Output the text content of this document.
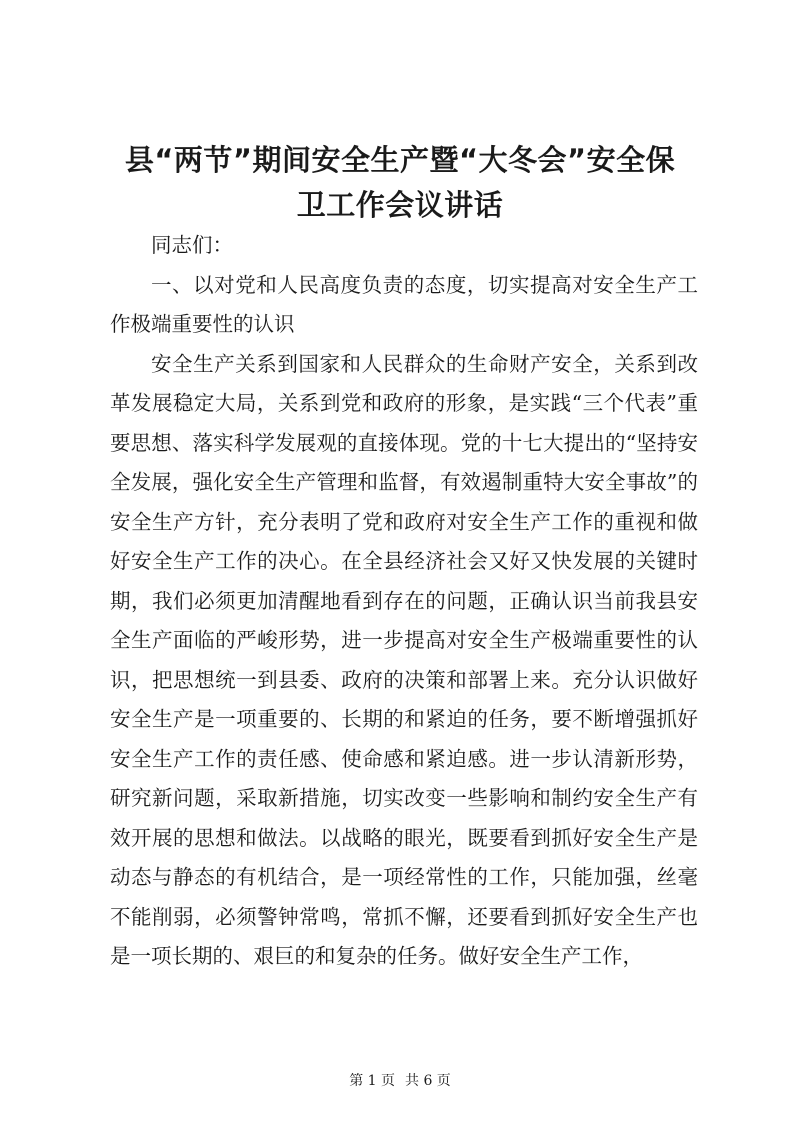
县“两节”期间安全生产暨“大冬会”安全保
卫工作会议讲话

同志们：

一、以对党和人民高度负责的态度，切实提高对安全生产工作极端重要性的认识

安全生产关系到国家和人民群众的生命财产安全，关系到改革发展稳定大局，关系到党和政府的形象，是实践“三个代表”重要思想、落实科学发展观的直接体现。党的十七大提出的“坚持安全发展，强化安全生产管理和监督，有效遏制重特大安全事故”的安全生产方针，充分表明了党和政府对安全生产工作的重视和做好安全生产工作的决心。在全县经济社会又好又快发展的关键时期，我们必须更加清醒地看到存在的问题，正确认识当前我县安全生产面临的严峻形势，进一步提高对安全生产极端重要性的认识，把思想统一到县委、政府的决策和部署上来。充分认识做好安全生产是一项重要的、长期的和紧迫的任务，要不断增强抓好安全生产工作的责任感、使命感和紧迫感。进一步认清新形势，研究新问题，采取新措施，切实改变一些影响和制约安全生产有效开展的思想和做法。以战略的眼光，既要看到抓好安全生产是动态与静态的有机结合，是一项经常性的工作，只能加强，丝毫不能削弱，必须警钟常鸣，常抓不懈，还要看到抓好安全生产也是一项长期的、艰巨的和复杂的任务。做好安全生产工作，

第 1 页 共 6 页
